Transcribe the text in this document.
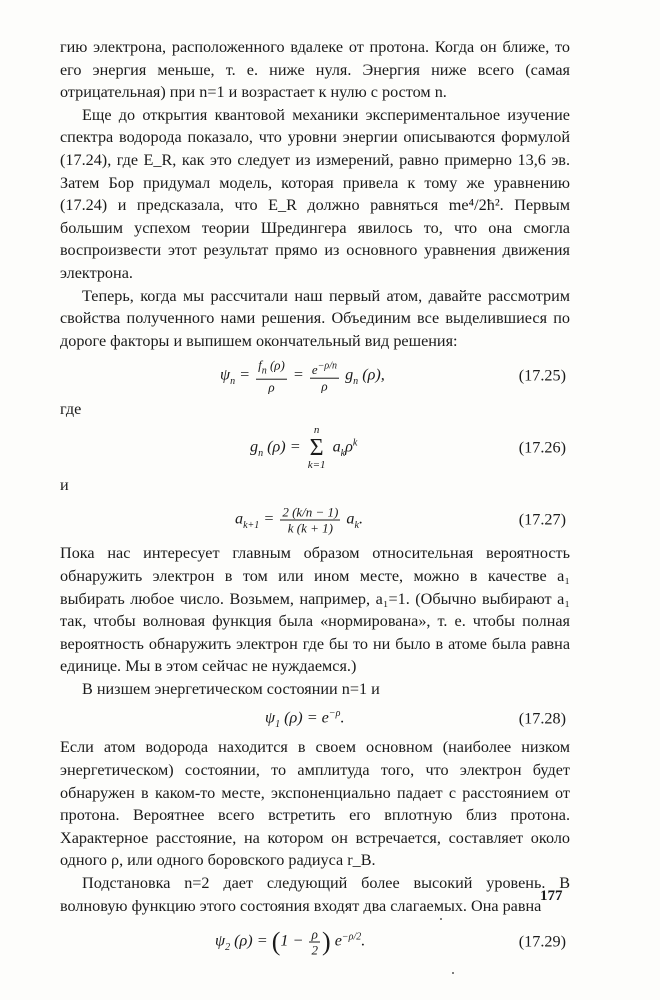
гию электрона, расположенного вдалеке от протона. Когда он ближе, то его энергия меньше, т. е. ниже нуля. Энергия ниже всего (самая отрицательная) при n=1 и возрастает к нулю с ростом n.

Еще до открытия квантовой механики экспериментальное изучение спектра водорода показало, что уровни энергии описываются формулой (17.24), где E_R, как это следует из измерений, равно примерно 13,6 эв. Затем Бор придумал модель, которая привела к тому же уравнению (17.24) и предсказала, что E_R должно равняться me⁴/2ħ². Первым большим успехом теории Шредингера явилось то, что она смогла воспроизвести этот результат прямо из основного уравнения движения электрона.

Теперь, когда мы рассчитали наш первый атом, давайте рассмотрим свойства полученного нами решения. Объединим все выделившиеся по дороге факторы и выпишем окончательный вид решения:

$\psi_n = \frac{f_n (\rho)}{\rho} = \frac{e^{-\rho/n}}{\rho} g_n$ (ρ),	(17.25)

где

$g_n$ (ρ) = n
Σ
k=1 $a_k\rho^k$	(17.26)

и

$a_{k+1} = \frac{2 (k/n - 1)}{k (k + 1)} a_k$.	(17.27)

Пока нас интересует главным образом относительная вероятность обнаружить электрон в том или ином месте, можно в качестве a₁ выбирать любое число. Возьмем, например, a₁=1. (Обычно выбирают a₁ так, чтобы волновая функция была «нормирована», т. е. чтобы полная вероятность обнаружить электрон где бы то ни было в атоме была равна единице. Мы в этом сейчас не нуждаемся.)

В низшем энергетическом состоянии n=1 и

$\psi_1$ $(\rho) = e^{-\rho}$.	(17.28)

Если атом водорода находится в своем основном (наиболее низком энергетическом) состоянии, то амплитуда того, что электрон будет обнаружен в каком-то месте, экспоненциально падает с расстоянием от протона. Вероятнее всего встретить его вплотную близ протона. Характерное расстояние, на котором он встречается, составляет около одного ρ, или одного боровского радиуса r_B.

Подстановка n=2 дает следующий более высокий уровень. В волновую функцию этого состояния входят два слагаемых. Она равна

$\psi_2$ $(\rho) = (1 - \frac{\rho}{2}$ ) $e^{-\rho/2}$.	(17.29)
177
